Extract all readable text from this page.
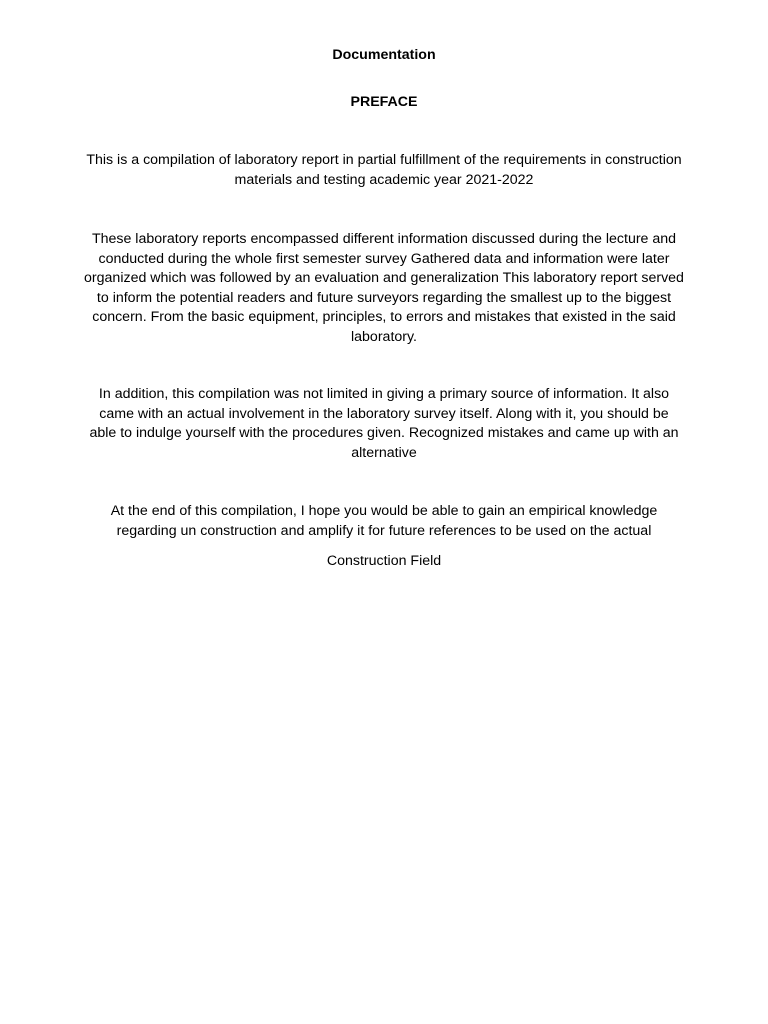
Documentation

PREFACE

This is a compilation of laboratory report in partial fulfillment of the requirements in construction materials and testing academic year 2021-2022

These laboratory reports encompassed different information discussed during the lecture and conducted during the whole first semester survey Gathered data and information were later organized which was followed by an evaluation and generalization This laboratory report served to inform the potential readers and future surveyors regarding the smallest up to the biggest concern. From the basic equipment, principles, to errors and mistakes that existed in the said laboratory.

In addition, this compilation was not limited in giving a primary source of information. It also came with an actual involvement in the laboratory survey itself. Along with it, you should be able to indulge yourself with the procedures given. Recognized mistakes and came up with an alternative

At the end of this compilation, I hope you would be able to gain an empirical knowledge regarding un construction and amplify it for future references to be used on the actual

Construction Field
